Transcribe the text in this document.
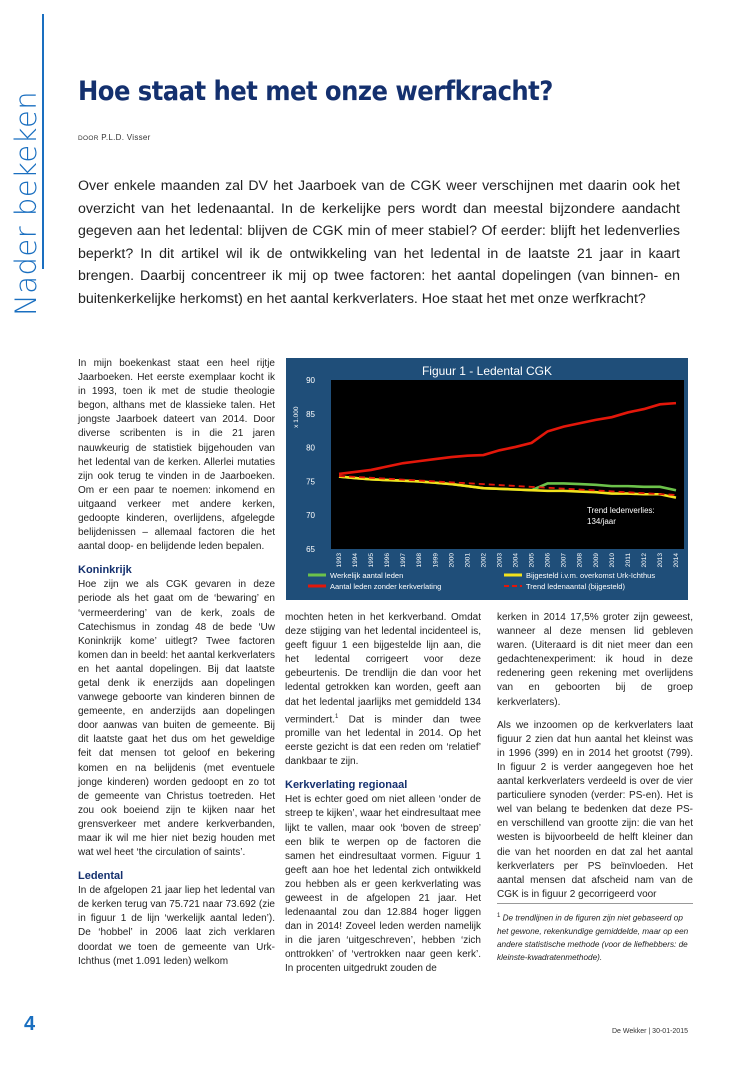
Nader bekeken Hoe staat het met onze werfkracht?
DOOR P.L.D. Visser
Over enkele maanden zal DV het Jaarboek van de CGK weer verschijnen met daarin ook het overzicht van het ledenaantal. In de kerkelijke pers wordt dan meestal bijzondere aandacht gegeven aan het ledental: blijven de CGK min of meer stabiel? Of eerder: blijft het ledenverlies beperkt? In dit artikel wil ik de ontwikkeling van het ledental in de laatste 21 jaar in kaart brengen. Daarbij concentreer ik mij op twee factoren: het aantal dopelingen (van binnen- en buitenkerkelijke herkomst) en het aantal kerkverlaters. Hoe staat het met onze werfkracht?

In mijn boekenkast staat een heel rijtje Jaarboeken. Het eerste exemplaar kocht ik in 1993, toen ik met de studie theologie begon, althans met de klassieke talen. Het jongste Jaarboek dateert van 2014. Door diverse scribenten is in die 21 jaren nauwkeurig de statistiek bijgehouden van het ledental van de kerken. Allerlei mutaties zijn ook terug te vinden in de Jaarboeken. Om er een paar te noemen: inkomend en uitgaand verkeer met andere kerken, gedoopte kinderen, overlijdens, afgelegde belijdenissen – allemaal factoren die het aantal doop- en belijdende leden bepalen.

Koninkrijk

Hoe zijn we als CGK gevaren in deze periode als het gaat om de ‘bewaring’ en ‘vermeerdering’ van de kerk, zoals de Catechismus in zondag 48 de bede ‘Uw Koninkrijk kome’ uitlegt? Twee factoren komen dan in beeld: het aantal kerkverlaters en het aantal dopelingen. Bij dat laatste getal denk ik enerzijds aan dopelingen vanwege geboorte van kinderen binnen de gemeente, en anderzijds aan dopelingen door aanwas van buiten de gemeente. Bij dit laatste gaat het dus om het geweldige feit dat mensen tot geloof en bekering komen en na belijdenis (met eventuele jonge kinderen) worden gedoopt en zo tot de gemeente van Christus toetreden. Het zou ook boeiend zijn te kijken naar het grensverkeer met andere kerkverbanden, maar ik wil me hier niet bezig houden met wat wel heet ‘the circulation of saints’.

Ledental

In de afgelopen 21 jaar liep het ledental van de kerken terug van 75.721 naar 73.692 (zie in figuur 1 de lijn ‘werkelijk aantal leden’). De ‘hobbel’ in 2006 laat zich verklaren doordat we toen de gemeente van Urk-Ichthus (met 1.091 leden) welkom

Figuur 1 - Ledental CGK
65
70
75
80
85
90
x 1.000
1993 1994 1995 1996 1997 1998 1999 2000 2001 2002 2003 2004 2005 2006 2007 2008 2009 2010 2011 2012 2013 2014
Trend ledenverlies:
134/jaar
Werkelijk aantal leden	Bijgesteld i.v.m. overkomst Urk-Ichthus
Aantal leden zonder kerkverlating	Trend ledenaantal (bijgesteld)

mochten heten in het kerkverband. Omdat deze stijging van het ledental incidenteel is, geeft figuur 1 een bijgestelde lijn aan, die het ledental corrigeert voor deze gebeurtenis. De trendlijn die dan voor het ledental getrokken kan worden, geeft aan dat het ledental jaarlijks met gemiddeld 134 vermindert.$^1$ Dat is minder dan twee promille van het ledental in 2014. Op het eerste gezicht is dat een reden om ‘relatief’ dankbaar te zijn.

Kerkverlating regionaal

Het is echter goed om niet alleen ‘onder de streep te kijken’, waar het eindresultaat mee lijkt te vallen, maar ook ‘boven de streep’ een blik te werpen op de factoren die samen het eindresultaat vormen. Figuur 1 geeft aan hoe het ledental zich ontwikkeld zou hebben als er geen kerkverlating was geweest in de afgelopen 21 jaar. Het ledenaantal zou dan 12.884 hoger liggen dan in 2014! Zoveel leden werden namelijk in die jaren ‘uitgeschreven’, hebben ‘zich onttrokken’ of ‘vertrokken naar geen kerk’. In procenten uitgedrukt zouden de

kerken in 2014 17,5% groter zijn geweest, wanneer al deze mensen lid gebleven waren. (Uiteraard is dit niet meer dan een gedachtenexperiment: ik houd in deze redenering geen rekening met overlijdens van en geboorten bij de groep kerkverlaters).

Als we inzoomen op de kerkverlaters laat figuur 2 zien dat hun aantal het kleinst was in 1996 (399) en in 2014 het grootst (799). In figuur 2 is verder aangegeven hoe het aantal kerkverlaters verdeeld is over de vier particuliere synoden (verder: PS-en). Het is wel van belang te bedenken dat deze PS-en verschillend van grootte zijn: die van het westen is bijvoorbeeld de helft kleiner dan die van het noorden en dat zal het aantal kerkverlaters per PS beïnvloeden. Het aantal mensen dat afscheid nam van de CGK is in figuur 2 gecorrigeerd voor

$^1$ De trendlijnen in de figuren zijn niet gebaseerd op het gewone, rekenkundige gemiddelde, maar op een andere statistische methode (voor de liefhebbers: de kleinste-kwadratenmethode).
4	De Wekker | 30-01-2015
